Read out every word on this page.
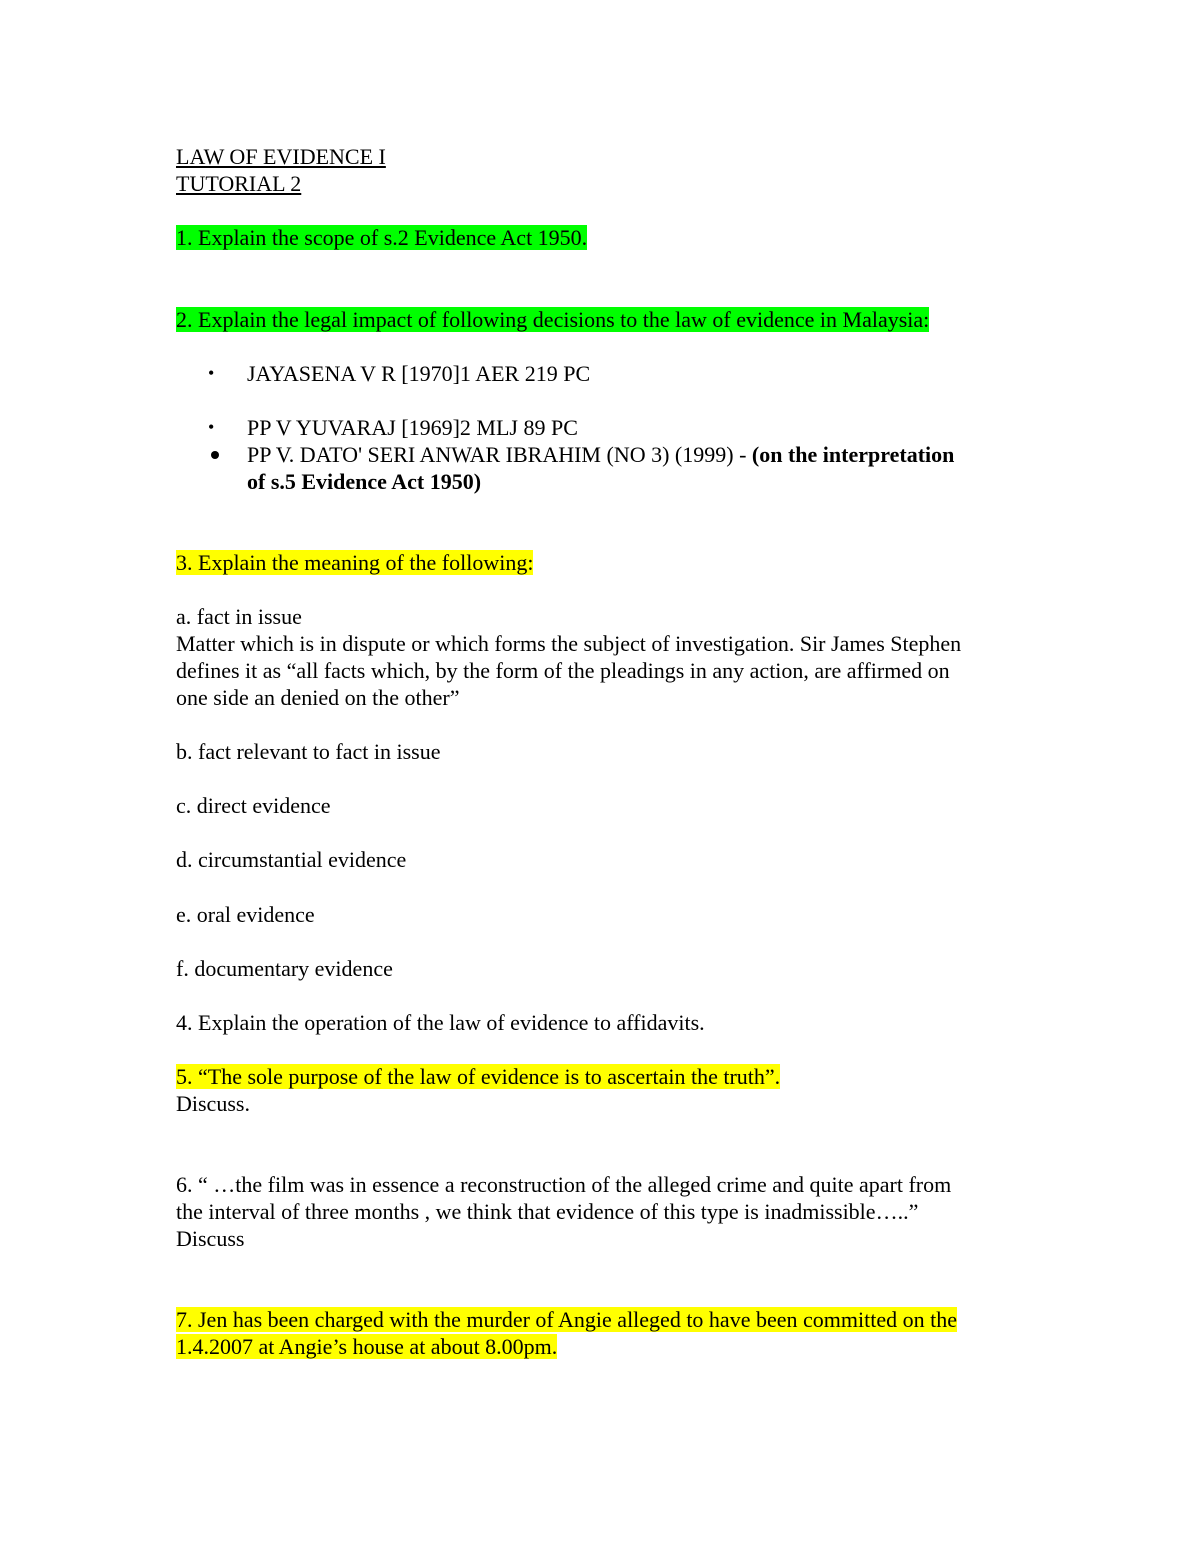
LAW OF EVIDENCE I
TUTORIAL 2
1. Explain the scope of s.2 Evidence Act 1950.
2. Explain the legal impact of following decisions to the law of evidence in Malaysia:
• JAYASENA V R [1970]1 AER 219 PC
• PP V YUVARAJ [1969]2 MLJ 89 PC
PP V. DATO' SERI ANWAR IBRAHIM (NO 3) (1999) - (on the interpretation
of s.5 Evidence Act 1950)
3. Explain the meaning of the following:
a. fact in issue
Matter which is in dispute or which forms the subject of investigation. Sir James Stephen
defines it as “all facts which, by the form of the pleadings in any action, are affirmed on
one side an denied on the other”
b. fact relevant to fact in issue
c. direct evidence
d. circumstantial evidence
e. oral evidence
f. documentary evidence
4. Explain the operation of the law of evidence to affidavits.
5. “The sole purpose of the law of evidence is to ascertain the truth”.
Discuss.
6. “ …the film was in essence a reconstruction of the alleged crime and quite apart from
the interval of three months , we think that evidence of this type is inadmissible…..”
Discuss
7. Jen has been charged with the murder of Angie alleged to have been committed on the
1.4.2007 at Angie’s house at about 8.00pm.
